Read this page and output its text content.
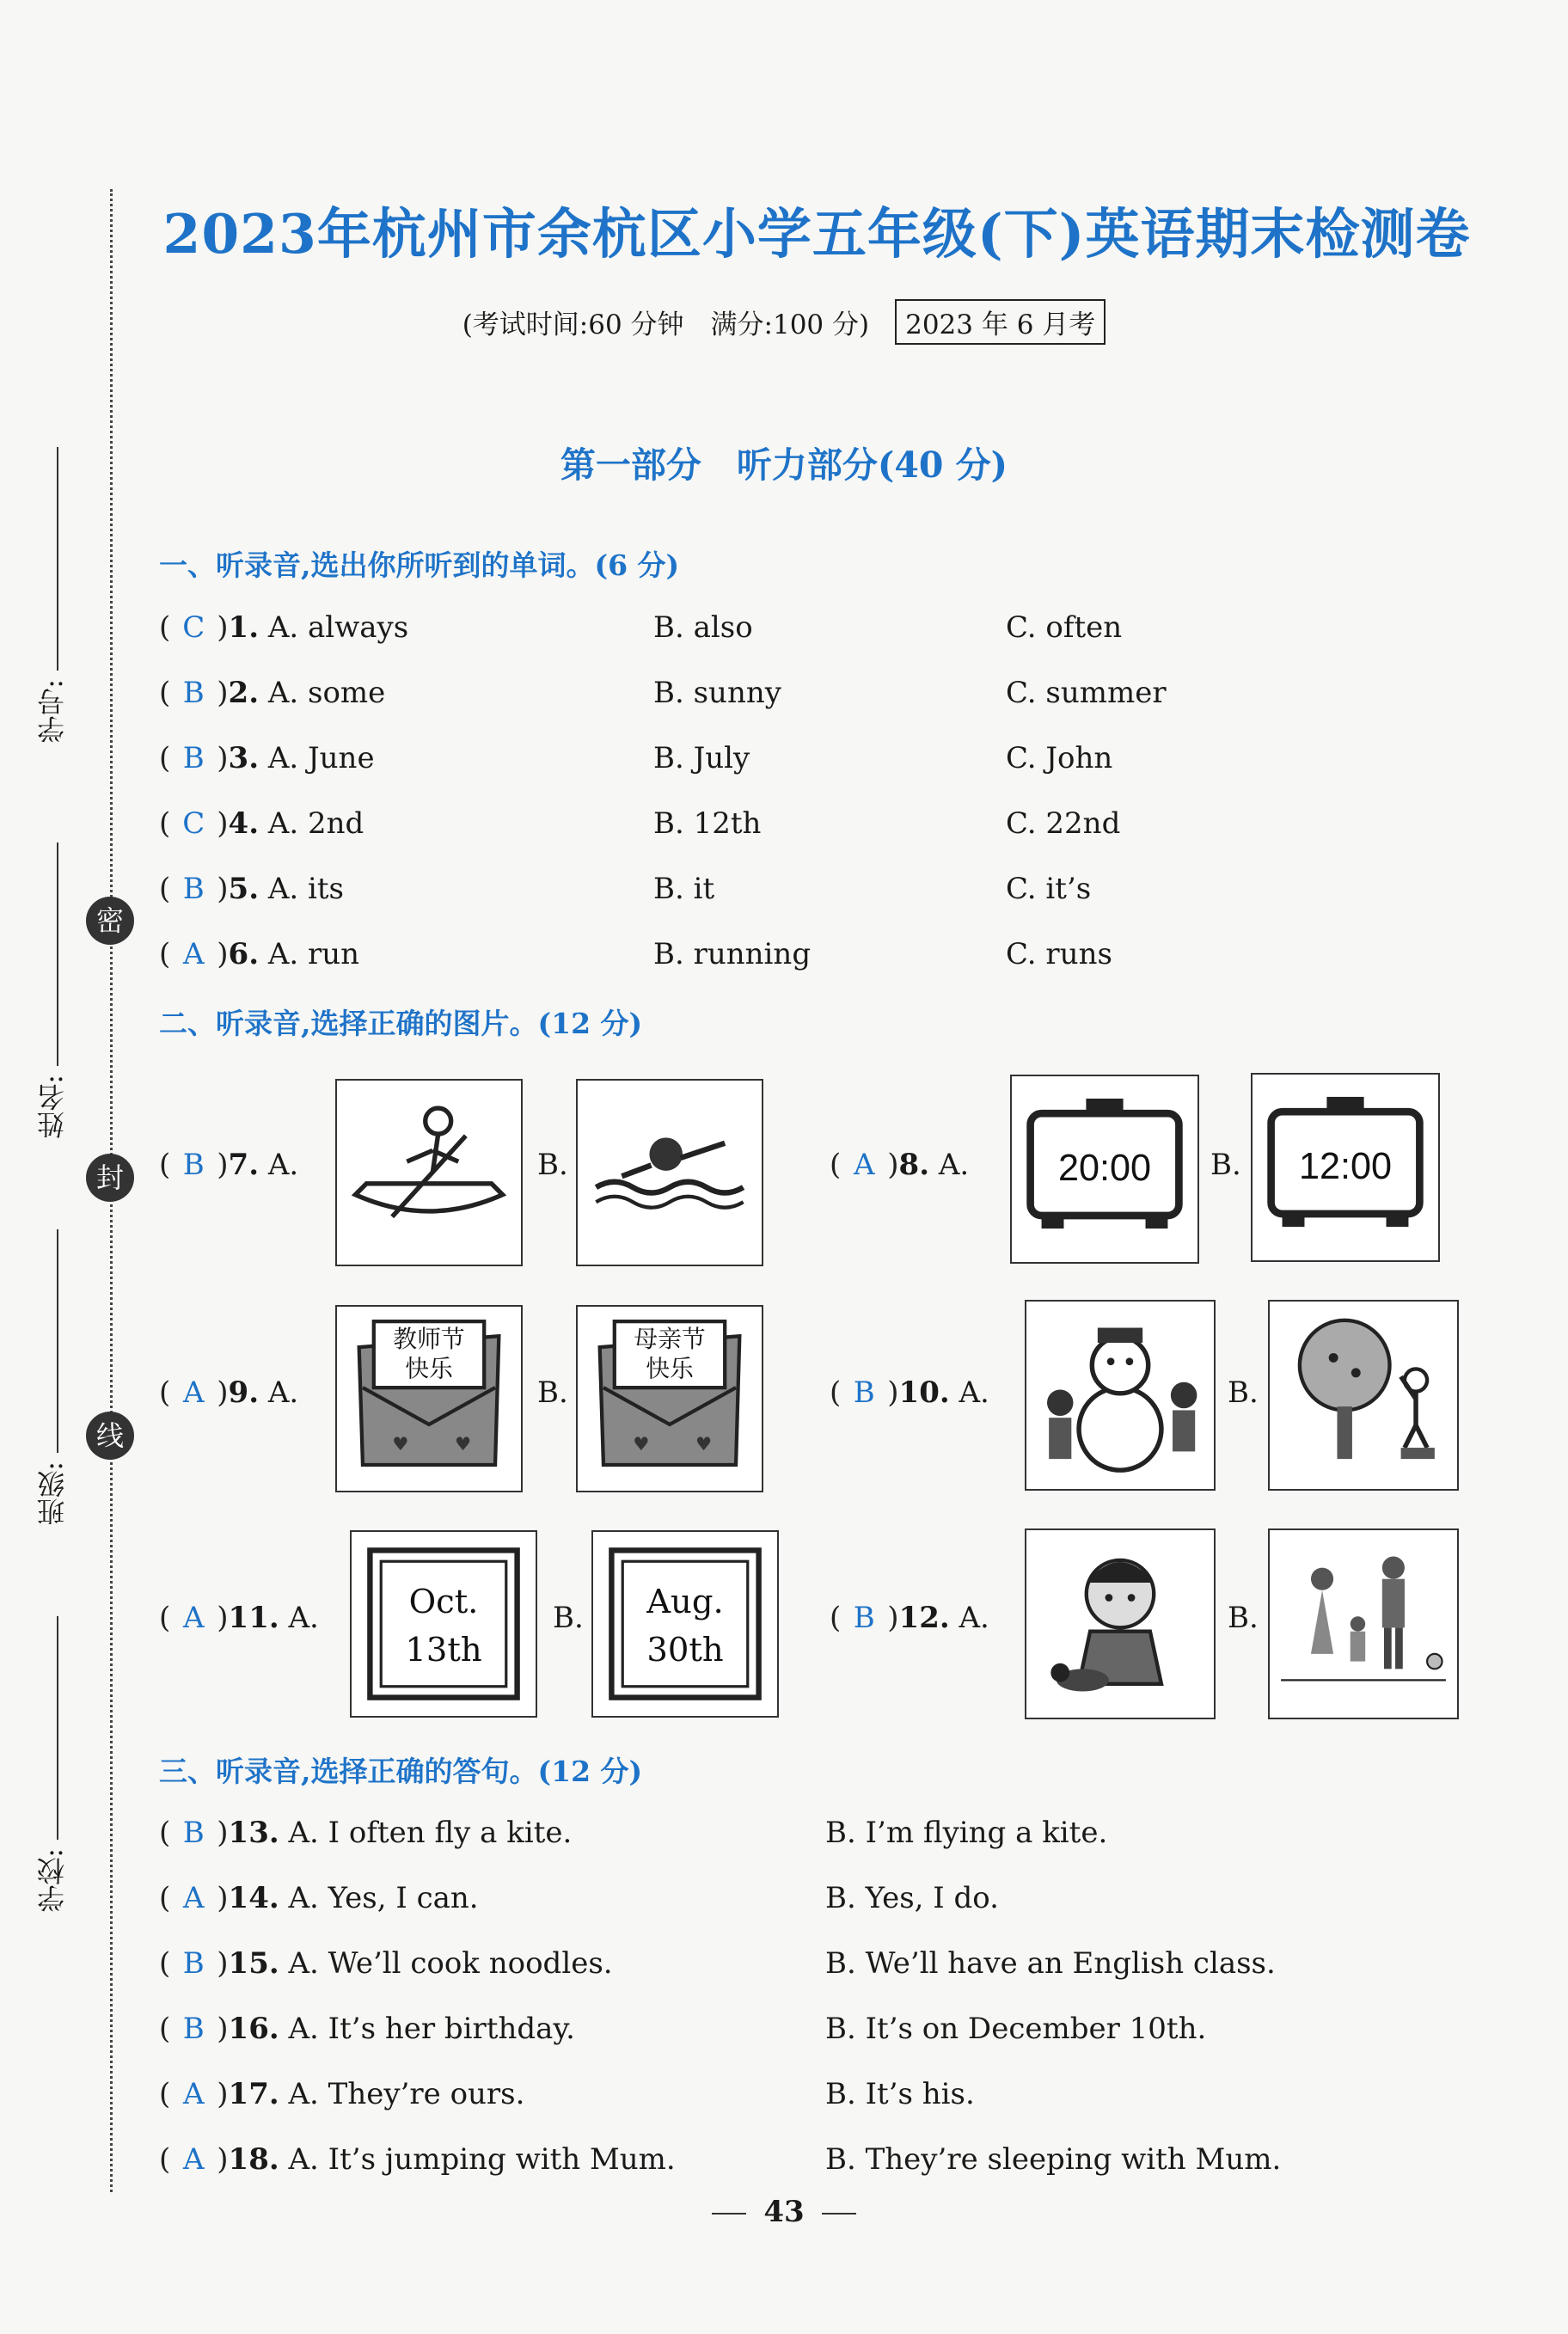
学号:
姓名:
班级:
学校:
密
封
线
2023年杭州市余杭区小学五年级(下)英语期末检测卷
(考试时间:60 分钟　满分:100 分) 2023 年 6 月考
第一部分　听力部分(40 分)
一、听录音,选出你所听到的单词。(6 分)
( C )1. A. always	B. also	C. often
( B )2. A. some	B. sunny	C. summer
( B )3. A. June	B. July	C. John
( C )4. A. 2nd	B. 12th	C. 22nd
( B )5. A. its	B. it	C. it’s
( A )6. A. run	B. running	C. runs
二、听录音,选择正确的图片。(12 分)
( B )7. A.	B.	( A )8. A.	20:00 B.	12:00
( A )9. A.
教师节
快乐
♥	♥
B.
母亲节
快乐
♥	♥
( B )10. A.	B.
( A )11. A.	Oct.
13th
B.	Aug.
30th
( B )12. A.	B.
三、听录音,选择正确的答句。(12 分)
( B )13. A. I often fly a kite.	B. I’m flying a kite.
( A )14. A. Yes, I can.	B. Yes, I do.
( B )15. A. We’ll cook noodles.	B. We’ll have an English class.
( B )16. A. It’s her birthday.	B. It’s on December 10th.
( A )17. A. They’re ours.	B. It’s his.
( A )18. A. It’s jumping with Mum.	B. They’re sleeping with Mum.
43
